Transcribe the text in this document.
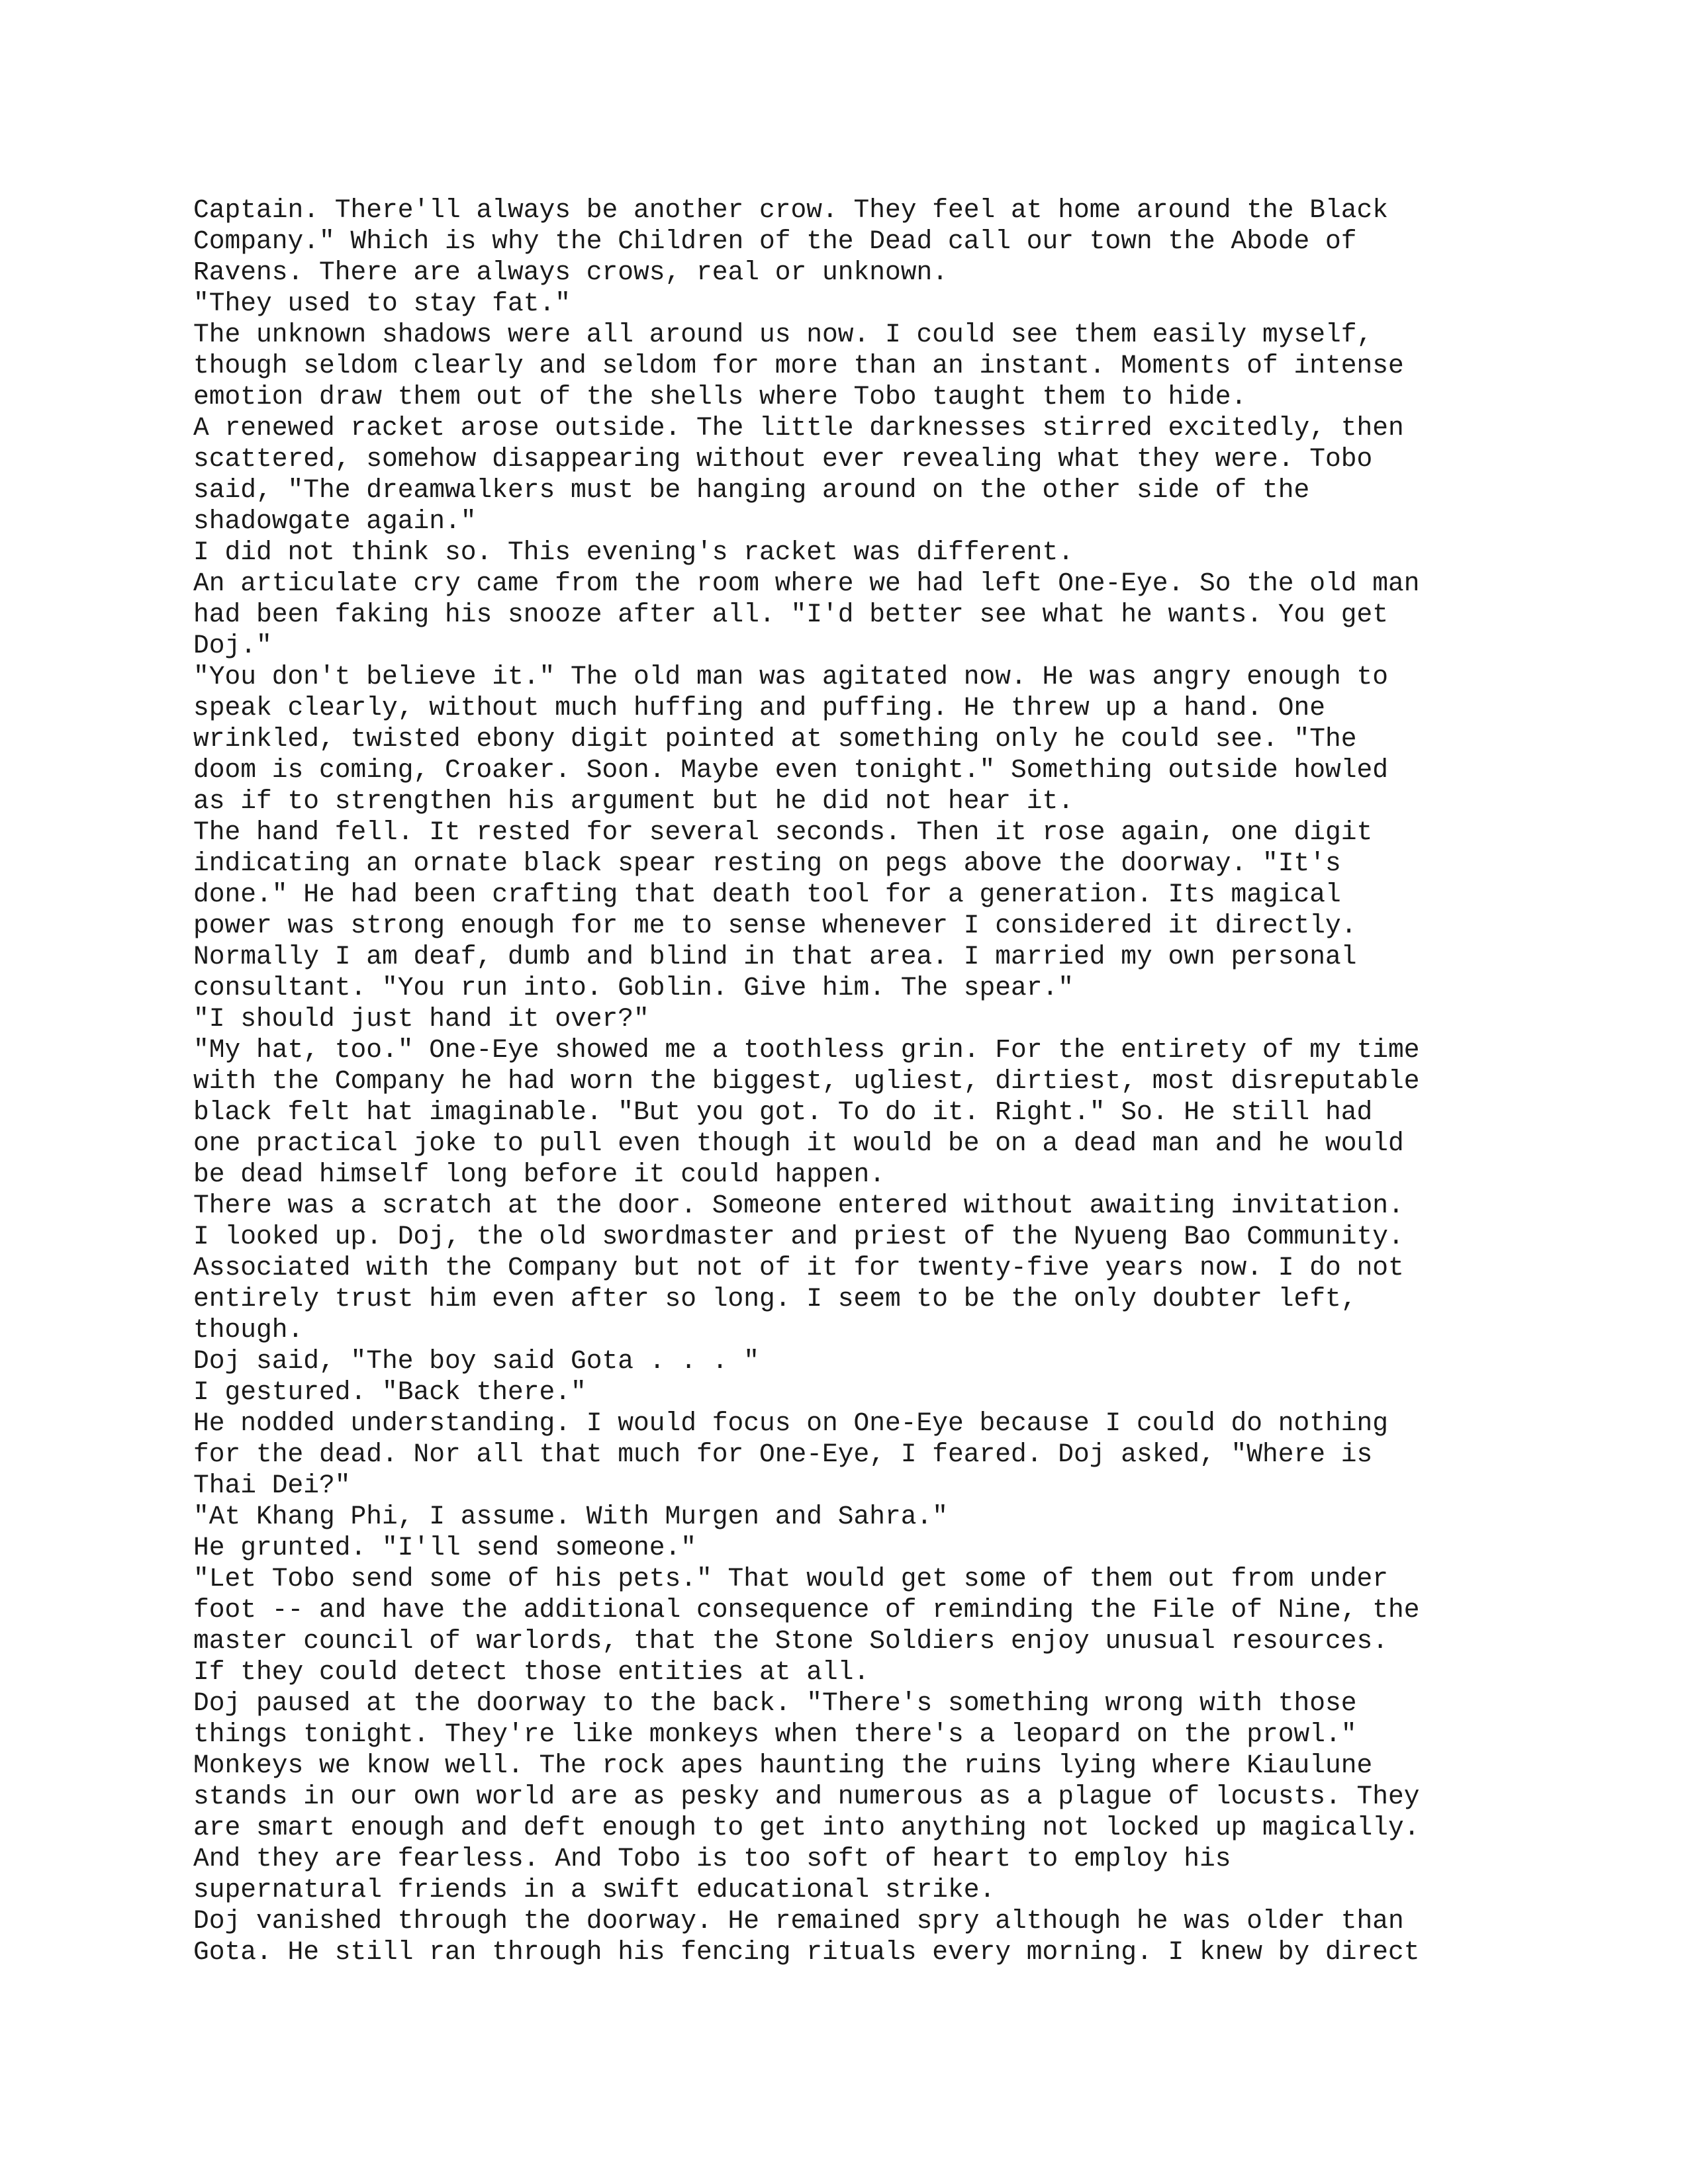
Captain. There'll always be another crow. They feel at home around the Black
Company." Which is why the Children of the Dead call our town the Abode of
Ravens. There are always crows, real or unknown.
"They used to stay fat."
The unknown shadows were all around us now. I could see them easily myself,
though seldom clearly and seldom for more than an instant. Moments of intense
emotion draw them out of the shells where Tobo taught them to hide.
A renewed racket arose outside. The little darknesses stirred excitedly, then
scattered, somehow disappearing without ever revealing what they were. Tobo
said, "The dreamwalkers must be hanging around on the other side of the
shadowgate again."
I did not think so. This evening's racket was different.
An articulate cry came from the room where we had left One-Eye. So the old man
had been faking his snooze after all. "I'd better see what he wants. You get
Doj."
"You don't believe it." The old man was agitated now. He was angry enough to
speak clearly, without much huffing and puffing. He threw up a hand. One
wrinkled, twisted ebony digit pointed at something only he could see. "The
doom is coming, Croaker. Soon. Maybe even tonight." Something outside howled
as if to strengthen his argument but he did not hear it.
The hand fell. It rested for several seconds. Then it rose again, one digit
indicating an ornate black spear resting on pegs above the doorway. "It's
done." He had been crafting that death tool for a generation. Its magical
power was strong enough for me to sense whenever I considered it directly.
Normally I am deaf, dumb and blind in that area. I married my own personal
consultant. "You run into. Goblin. Give him. The spear."
"I should just hand it over?"
"My hat, too." One-Eye showed me a toothless grin. For the entirety of my time
with the Company he had worn the biggest, ugliest, dirtiest, most disreputable
black felt hat imaginable. "But you got. To do it. Right." So. He still had
one practical joke to pull even though it would be on a dead man and he would
be dead himself long before it could happen.
There was a scratch at the door. Someone entered without awaiting invitation.
I looked up. Doj, the old swordmaster and priest of the Nyueng Bao Community.
Associated with the Company but not of it for twenty-five years now. I do not
entirely trust him even after so long. I seem to be the only doubter left,
though.
Doj said, "The boy said Gota . . . "
I gestured. "Back there."
He nodded understanding. I would focus on One-Eye because I could do nothing
for the dead. Nor all that much for One-Eye, I feared. Doj asked, "Where is
Thai Dei?"
"At Khang Phi, I assume. With Murgen and Sahra."
He grunted. "I'll send someone."
"Let Tobo send some of his pets." That would get some of them out from under
foot -- and have the additional consequence of reminding the File of Nine, the
master council of warlords, that the Stone Soldiers enjoy unusual resources.
If they could detect those entities at all.
Doj paused at the doorway to the back. "There's something wrong with those
things tonight. They're like monkeys when there's a leopard on the prowl."
Monkeys we know well. The rock apes haunting the ruins lying where Kiaulune
stands in our own world are as pesky and numerous as a plague of locusts. They
are smart enough and deft enough to get into anything not locked up magically.
And they are fearless. And Tobo is too soft of heart to employ his
supernatural friends in a swift educational strike.
Doj vanished through the doorway. He remained spry although he was older than
Gota. He still ran through his fencing rituals every morning. I knew by direct
